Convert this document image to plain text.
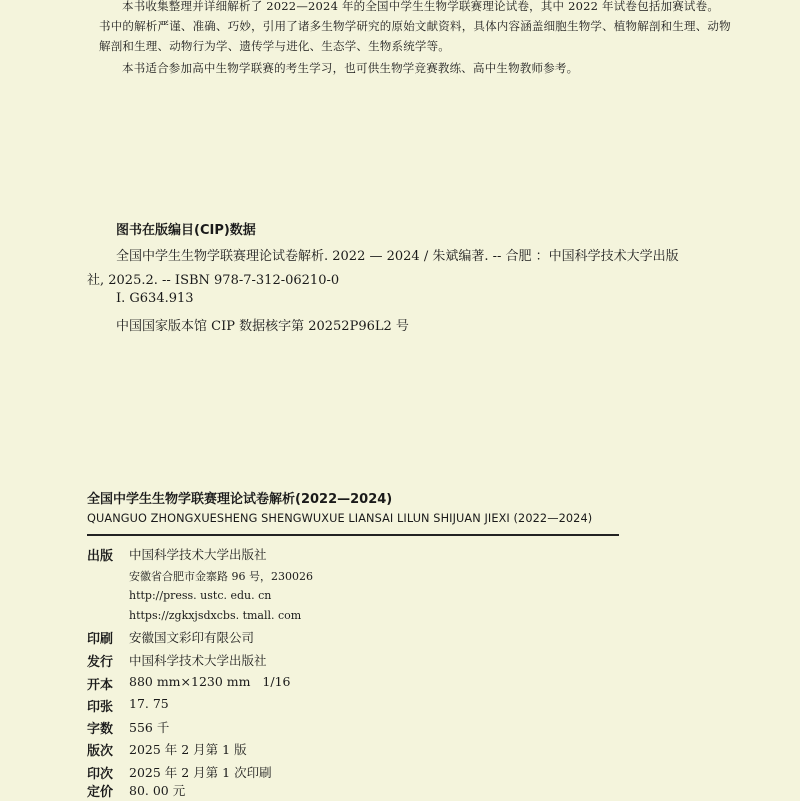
本书收集整理并详细解析了 2022—2024 年的全国中学生生物学联赛理论试卷，其中 2022 年试卷包括加赛试卷。
书中的解析严谨、准确、巧妙，引用了诸多生物学研究的原始文献资料，具体内容涵盖细胞生物学、植物解剖和生理、动物
解剖和生理、动物行为学、遗传学与进化、生态学、生物系统学等。
本书适合参加高中生物学联赛的考生学习，也可供生物学竞赛教练、高中生物教师参考。
图书在版编目(CIP)数据
全国中学生生物学联赛理论试卷解析. 2022 — 2024 / 朱斌编著. -- 合肥 ：中国科学技术大学出版
社, 2025.2. -- ISBN 978-7-312-06210-0
Ⅰ. G634.913
中国国家版本馆 CIP 数据核字第 20252P96L2 号
全国中学生生物学联赛理论试卷解析(2022—2024)
QUANGUO ZHONGXUESHENG SHENGWUXUE LIANSAI LILUN SHIJUAN JIEXI (2022—2024)
出版 中国科学技术大学出版社
安徽省合肥市金寨路 96 号，230026
http://press. ustc. edu. cn
https://zgkxjsdxcbs. tmall. com
印刷 安徽国文彩印有限公司
发行 中国科学技术大学出版社
开本 880 mm×1230 mm   1/16
印张 17. 75
字数 556 千
版次 2025 年 2 月第 1 版
印次 2025 年 2 月第 1 次印刷
定价 80. 00 元
